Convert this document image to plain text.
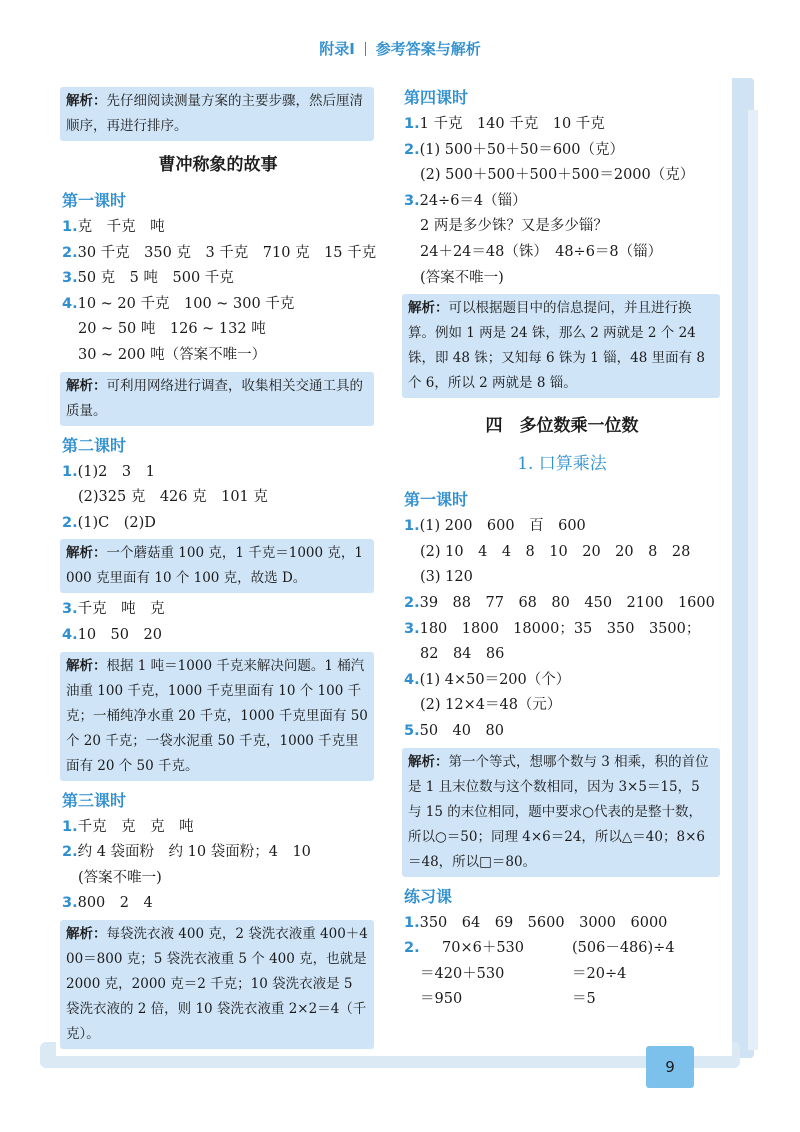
附录Ⅰ 参考答案与解析
解析：先仔细阅读测量方案的主要步骤，然后厘清顺序，再进行排序。
曹冲称象的故事
第一课时
1.克　千克　吨
2.30 千克　350 克　3 千克　710 克　15 千克
3.50 克　5 吨　500 千克
4.10 ~ 20 千克　100 ~ 300 千克
20 ~ 50 吨　126 ~ 132 吨
30 ~ 200 吨（答案不唯一）
解析：可利用网络进行调查，收集相关交通工具的质量。
第二课时
1.(1)2　3　1
(2)325 克　426 克　101 克
2.(1)C　(2)D
解析：一个蘑菇重 100 克，1 千克＝1000 克，1000 克里面有 10 个 100 克，故选 D。
3.千克　吨　克
4.10　50　20
解析：根据 1 吨＝1000 千克来解决问题。1 桶汽油重 100 千克，1000 千克里面有 10 个 100 千克；一桶纯净水重 20 千克，1000 千克里面有 50 个 20 千克；一袋水泥重 50 千克，1000 千克里面有 20 个 50 千克。
第三课时
1.千克　克　克　吨
2.约 4 袋面粉　约 10 袋面粉；4　10
(答案不唯一)
3.800　2　4
解析：每袋洗衣液 400 克，2 袋洗衣液重 400＋400＝800 克；5 袋洗衣液重 5 个 400 克，也就是 2000 克，2000 克＝2 千克；10 袋洗衣液是 5 袋洗衣液的 2 倍，则 10 袋洗衣液重 2×2＝4（千克）。
第四课时
1.1 千克　140 千克　10 千克
2.(1) 500＋50＋50＝600（克）
(2) 500＋500＋500＋500＝2000（克）
3.24÷6＝4（锱）
2 两是多少铢？又是多少锱？
24＋24＝48（铢）　48÷6＝8（锱）
(答案不唯一)
解析：可以根据题目中的信息提问，并且进行换算。例如 1 两是 24 铢，那么 2 两就是 2 个 24 铢，即 48 铢；又知每 6 铢为 1 锱，48 里面有 8 个 6，所以 2 两就是 8 锱。
四　多位数乘一位数
1. 口算乘法
第一课时
1.(1) 200　600　百　600
(2) 10　4　4　8　10　20　20　8　28
(3) 120
2.39　88　77　68　80　450　2100　1600
3.180　1800　18000；35　350　3500；
82　84　86
4.(1) 4×50＝200（个）
(2) 12×4＝48（元）
5.50　40　80
解析：第一个等式，想哪个数与 3 相乘，积的首位是 1 且末位数与这个数相同，因为 3×5＝15，5 与 15 的末位相同，题中要求○代表的是整十数，所以○＝50；同理 4×6＝24，所以△＝40；8×6＝48，所以□＝80。
练习课
1.350　64　69　5600　3000　6000
2. 70×6＋530	(506－486)÷4
＝420＋530	＝20÷4
＝950	＝5
9
